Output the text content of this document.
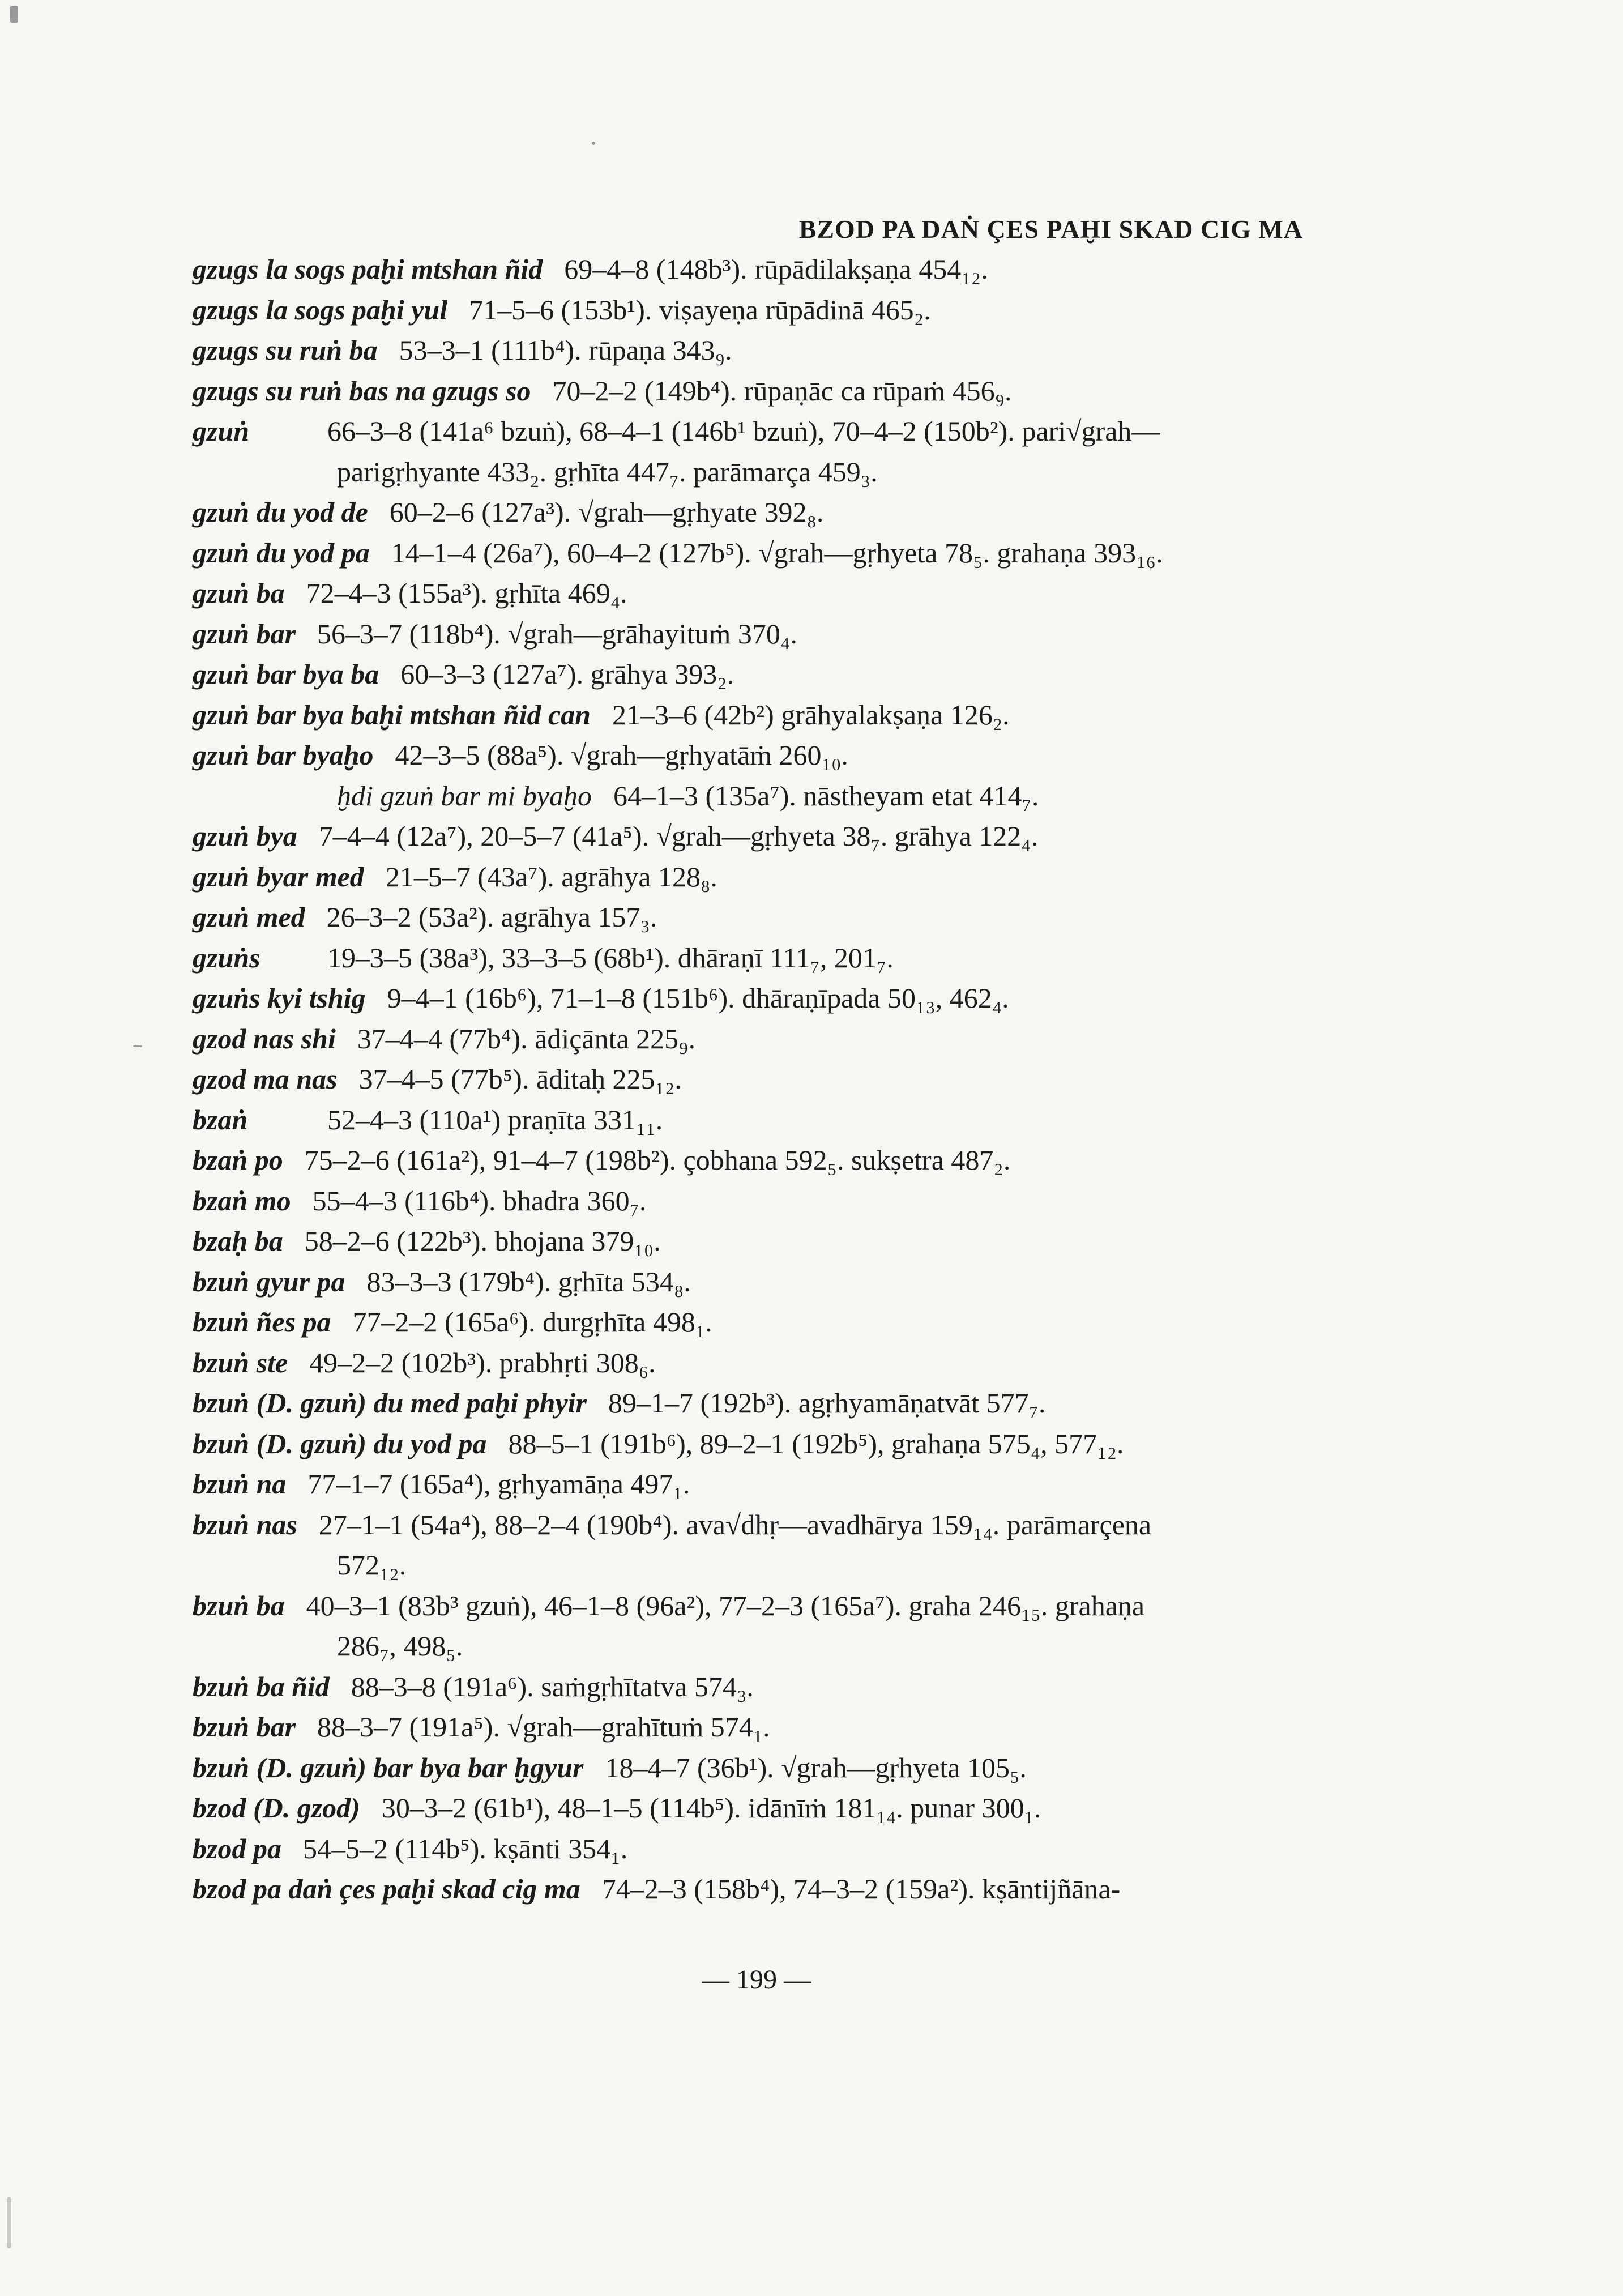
BZOD PA DAṄ ÇES PAḪI SKAD CIG MA
gzugs la sogs paḫi mtshan ñid 69–4–8 (148b³). rūpādilakṣaṇa 454₁₂.
gzugs la sogs paḫi yul 71–5–6 (153b¹). viṣayeṇa rūpādinā 465₂.
gzugs su ruṅ ba 53–3–1 (111b⁴). rūpaṇa 343₉.
gzugs su ruṅ bas na gzugs so 70–2–2 (149b⁴). rūpaṇāc ca rūpaṁ 456₉.
gzuṅ	66–3–8 (141a⁶ bzuṅ), 68–4–1 (146b¹ bzuṅ), 70–4–2 (150b²). pari√grah—
parigṛhyante 433₂. gṛhīta 447₇. parāmarça 459₃.
gzuṅ du yod de 60–2–6 (127a³). √grah—gṛhyate 392₈.
gzuṅ du yod pa 14–1–4 (26a⁷), 60–4–2 (127b⁵). √grah—gṛhyeta 78₅. grahaṇa 393₁₆.
gzuṅ ba 72–4–3 (155a³). gṛhīta 469₄.
gzuṅ bar 56–3–7 (118b⁴). √grah—grāhayituṁ 370₄.
gzuṅ bar bya ba 60–3–3 (127a⁷). grāhya 393₂.
gzuṅ bar bya baḫi mtshan ñid can 21–3–6 (42b²) grāhyalakṣaṇa 126₂.
gzuṅ bar byaḫo 42–3–5 (88a⁵). √grah—gṛhyatāṁ 260₁₀.
ḫdi gzuṅ bar mi byaḫo 64–1–3 (135a⁷). nāstheyam etat 414₇.
gzuṅ bya 7–4–4 (12a⁷), 20–5–7 (41a⁵). √grah—gṛhyeta 38₇. grāhya 122₄.
gzuṅ byar med 21–5–7 (43a⁷). agrāhya 128₈.
gzuṅ med 26–3–2 (53a²). agrāhya 157₃.
gzuṅs 19–3–5 (38a³), 33–3–5 (68b¹). dhāraṇī 111₇, 201₇.
gzuṅs kyi tshig 9–4–1 (16b⁶), 71–1–8 (151b⁶). dhāraṇīpada 50₁₃, 462₄.
gzod nas shi 37–4–4 (77b⁴). ādiçānta 225₉.
gzod ma nas 37–4–5 (77b⁵). āditaḥ 225₁₂.
bzaṅ	52–4–3 (110a¹) praṇīta 331₁₁.
bzaṅ po 75–2–6 (161a²), 91–4–7 (198b²). çobhana 592₅. sukṣetra 487₂.
bzaṅ mo 55–4–3 (116b⁴). bhadra 360₇.
bzaḥ ba 58–2–6 (122b³). bhojana 379₁₀.
bzuṅ gyur pa 83–3–3 (179b⁴). gṛhīta 534₈.
bzuṅ ñes pa 77–2–2 (165a⁶). durgṛhīta 498₁.
bzuṅ ste 49–2–2 (102b³). prabhṛti 308₆.
bzuṅ (D. gzuṅ) du med paḫi phyir 89–1–7 (192b³). agṛhyamāṇatvāt 577₇.
bzuṅ (D. gzuṅ) du yod pa 88–5–1 (191b⁶), 89–2–1 (192b⁵), grahaṇa 575₄, 577₁₂.
bzuṅ na 77–1–7 (165a⁴), gṛhyamāṇa 497₁.
bzuṅ nas 27–1–1 (54a⁴), 88–2–4 (190b⁴). ava√dhṛ—avadhārya 159₁₄. parāmarçena
572₁₂.
bzuṅ ba 40–3–1 (83b³ gzuṅ), 46–1–8 (96a²), 77–2–3 (165a⁷). graha 246₁₅. grahaṇa
286₇, 498₅.
bzuṅ ba ñid 88–3–8 (191a⁶). saṁgṛhītatva 574₃.
bzuṅ bar 88–3–7 (191a⁵). √grah—grahītuṁ 574₁.
bzuṅ (D. gzuṅ) bar bya bar ḫgyur 18–4–7 (36b¹). √grah—gṛhyeta 105₅.
bzod (D. gzod) 30–3–2 (61b¹), 48–1–5 (114b⁵). idānīṁ 181₁₄. punar 300₁.
bzod pa 54–5–2 (114b⁵). kṣānti 354₁.
bzod pa daṅ çes paḫi skad cig ma 74–2–3 (158b⁴), 74–3–2 (159a²). kṣāntijñāna-
— 199 —
